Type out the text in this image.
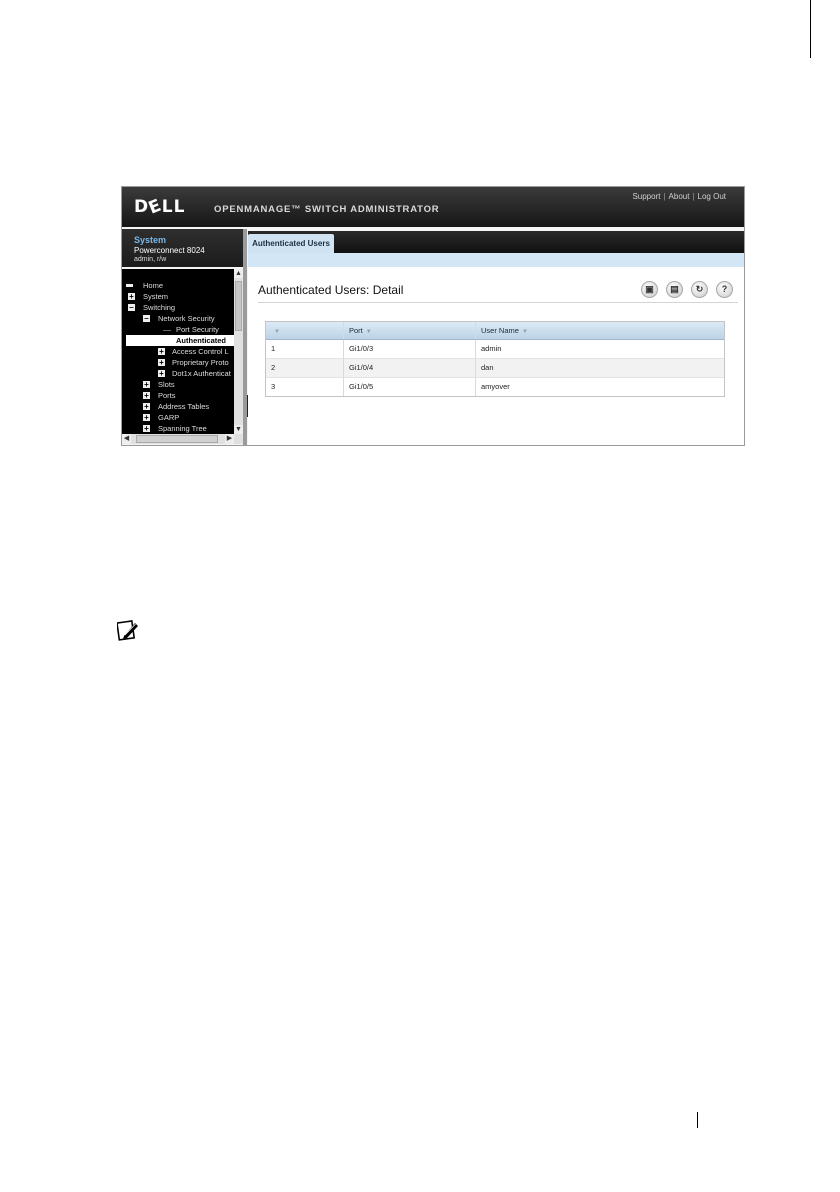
DELL	OPENMANAGE™ SWITCH ADMINISTRATOR
Support | About | Log Out
System
Powerconnect 8024
admin, r/w
Home
+ System
– Switching
– Network Security
Port Security
Authenticated
+ Access Control L
+ Proprietary Proto
+ Dot1x Authenticat
+ Slots
+ Ports
+ Address Tables
+ GARP
+ Spanning Tree
▲
▼
◀	▶
Authenticated Users
Authenticated Users: Detail	▣	▤	↻	?
▼	Port ▼	User Name ▼
1	Gi1/0/3	admin
2	Gi1/0/4	dan
3	Gi1/0/5	amyover
